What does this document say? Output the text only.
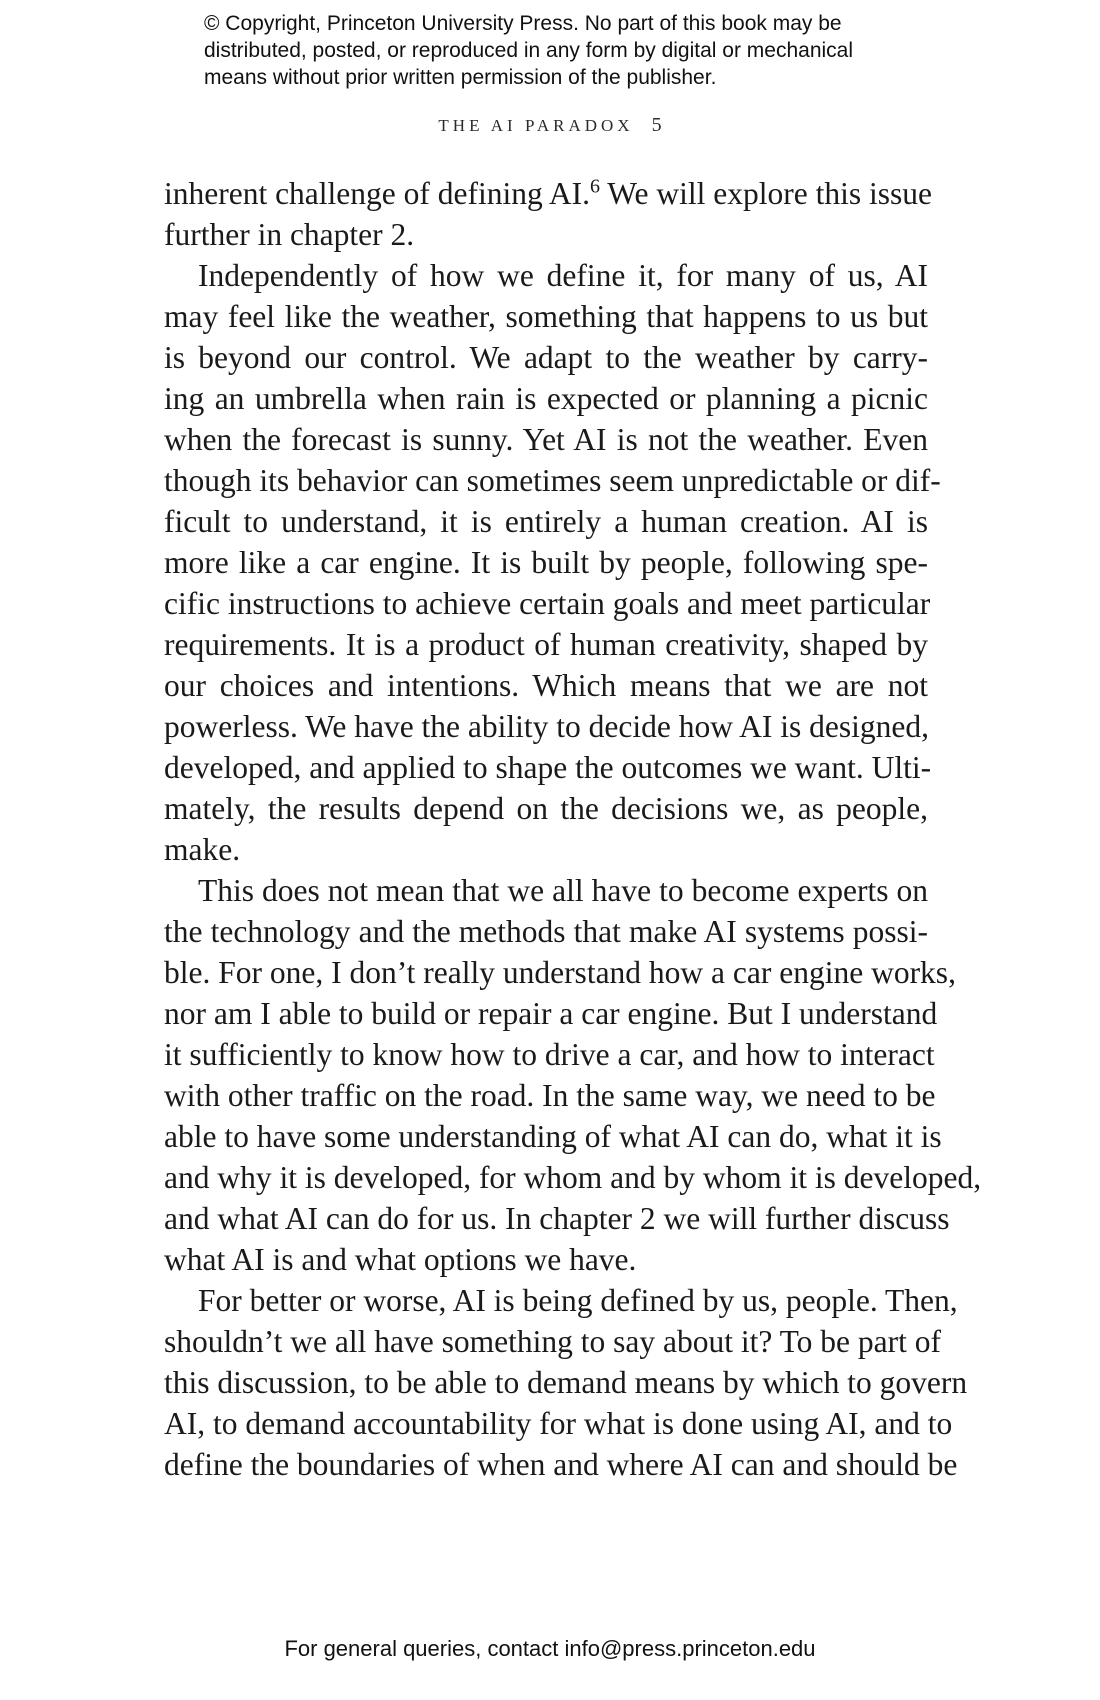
© Copyright, Princeton University Press. No part of this book may be
distributed, posted, or reproduced in any form by digital or mechanical
means without prior written permission of the publisher.
THE AI PARADOX 5
inherent challenge of defining AI.$^6$ We will explore this issue
further in chapter 2.
Independently of how we define it, for many of us, AI
may feel like the weather, something that happens to us but
is beyond our control. We adapt to the weather by carry-
ing an umbrella when rain is expected or planning a picnic
when the forecast is sunny. Yet AI is not the weather. Even
though its behavior can sometimes seem unpredictable or dif-
ficult to understand, it is entirely a human creation. AI is
more like a car engine. It is built by people, following spe-
cific instructions to achieve certain goals and meet particular
requirements. It is a product of human creativity, shaped by
our choices and intentions. Which means that we are not
powerless. We have the ability to decide how AI is designed,
developed, and applied to shape the outcomes we want. Ulti-
mately, the results depend on the decisions we, as people,
make.
This does not mean that we all have to become experts on
the technology and the methods that make AI systems possi-
ble. For one, I don’t really understand how a car engine works,
nor am I able to build or repair a car engine. But I understand
it sufficiently to know how to drive a car, and how to interact
with other traffic on the road. In the same way, we need to be
able to have some understanding of what AI can do, what it is
and why it is developed, for whom and by whom it is developed,
and what AI can do for us. In chapter 2 we will further discuss
what AI is and what options we have.
For better or worse, AI is being defined by us, people. Then,
shouldn’t we all have something to say about it? To be part of
this discussion, to be able to demand means by which to govern
AI, to demand accountability for what is done using AI, and to
define the boundaries of when and where AI can and should be
For general queries, contact info@press.princeton.edu
